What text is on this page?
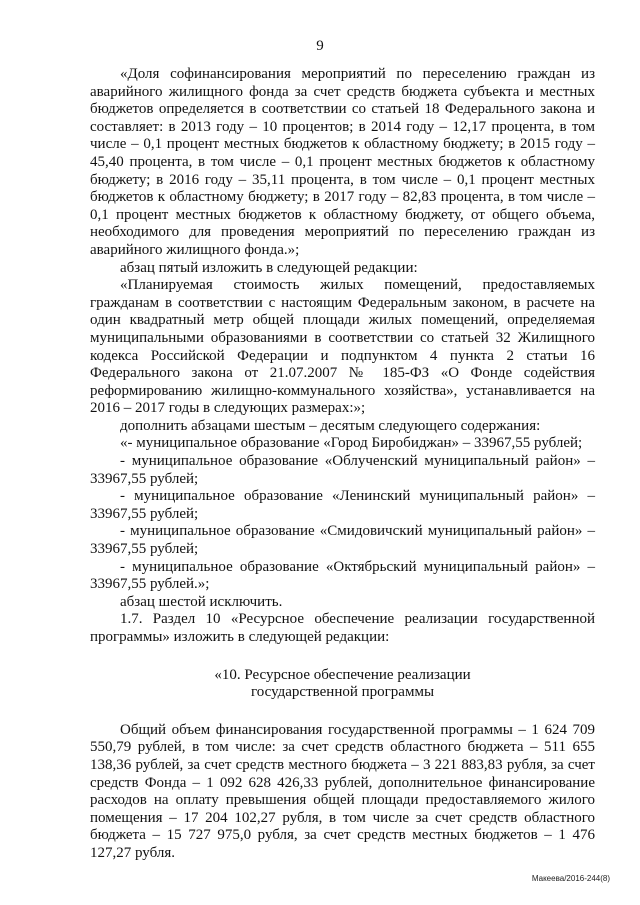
9

«Доля софинансирования мероприятий по переселению граждан из аварийного жилищного фонда за счет средств бюджета субъекта и местных бюджетов определяется в соответствии со статьей 18 Федерального закона и составляет: в 2013 году – 10 процентов; в 2014 году – 12,17 процента, в том числе – 0,1 процент местных бюджетов к областному бюджету; в 2015 году – 45,40 процента, в том числе – 0,1 процент местных бюджетов к областному бюджету; в 2016 году – 35,11 процента, в том числе – 0,1 процент местных бюджетов к областному бюджету; в 2017 году – 82,83 процента, в том числе – 0,1 процент местных бюджетов к областному бюджету, от общего объема, необходимого для проведения мероприятий по переселению граждан из аварийного жилищного фонда.»;

абзац пятый изложить в следующей редакции:

«Планируемая стоимость жилых помещений, предоставляемых гражданам в соответствии с настоящим Федеральным законом, в расчете на один квадратный метр общей площади жилых помещений, определяемая муниципальными образованиями в соответствии со статьей 32 Жилищного кодекса Российской Федерации и подпунктом 4 пункта 2 статьи 16 Федерального закона от 21.07.2007 № 185-ФЗ «О Фонде содействия реформированию жилищно-коммунального хозяйства», устанавливается на 2016 – 2017 годы в следующих размерах:»;

дополнить абзацами шестым – десятым следующего содержания:

«- муниципальное образование «Город Биробиджан» – 33967,55 рублей;

- муниципальное образование «Облученский муниципальный район» – 33967,55 рублей;

- муниципальное образование «Ленинский муниципальный район» – 33967,55 рублей;

- муниципальное образование «Смидовичский муниципальный район» – 33967,55 рублей;

- муниципальное образование «Октябрьский муниципальный район» – 33967,55 рублей.»;

абзац шестой исключить.

1.7. Раздел 10 «Ресурсное обеспечение реализации государственной программы» изложить в следующей редакции:

«10. Ресурсное обеспечение реализации
государственной программы

Общий объем финансирования государственной программы – 1 624 709 550,79 рублей, в том числе: за счет средств областного бюджета – 511 655 138,36 рублей, за счет средств местного бюджета – 3 221 883,83 рубля, за счет средств Фонда – 1 092 628 426,33 рублей, дополнительное финансирование расходов на оплату превышения общей площади предоставляемого жилого помещения – 17 204 102,27 рубля, в том числе за счет средств областного бюджета – 15 727 975,0 рубля, за счет средств местных бюджетов – 1 476 127,27 рубля.

Макеева/2016-244(8)
